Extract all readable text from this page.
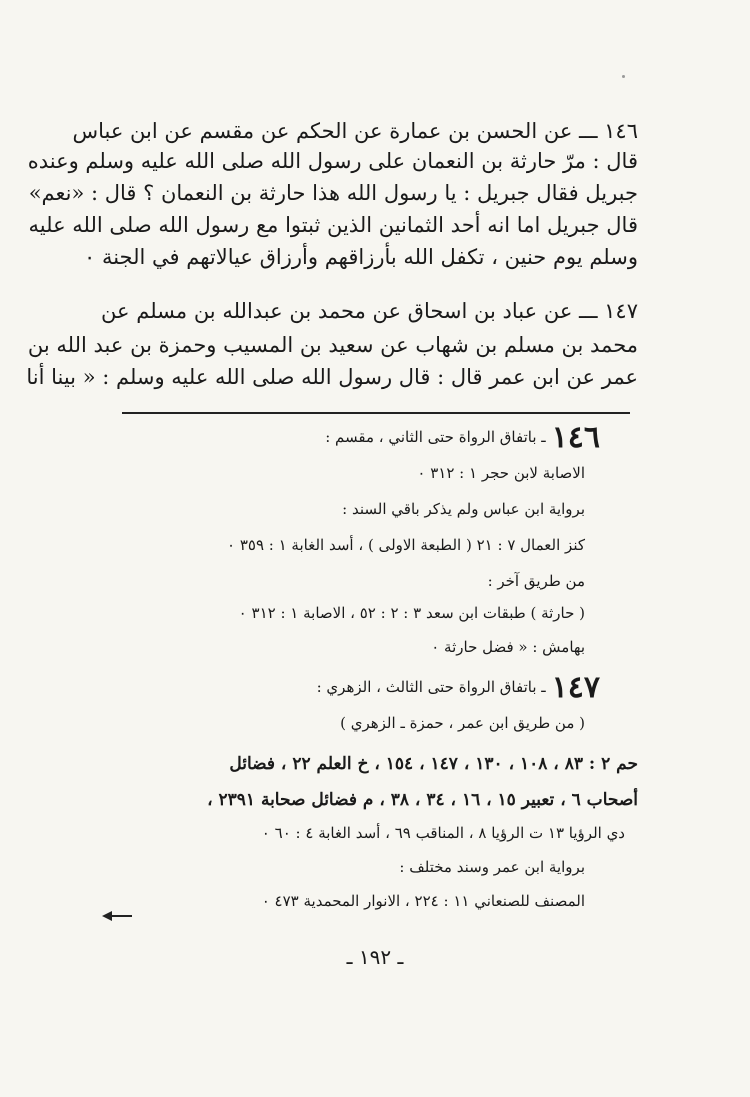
١٤٦ ـــ عن الحسن بن عمارة عن الحكم عن مقسم عن ابن عباس
قال : مرّ حارثة بن النعمان على رسول الله صلى الله عليه وسلم وعنده
جبريل فقال جبريل : يا رسول الله هذا حارثة بن النعمان ؟ قال : «نعم»
قال جبريل اما انه أحد الثمانين الذين ثبتوا مع رسول الله صلى الله عليه
وسلم يوم حنين ، تكفل الله بأرزاقهم وأرزاق عيالاتهم في الجنة ٠
١٤٧ ـــ عن عباد بن اسحاق عن محمد بن عبدالله بن مسلم عن
محمد بن مسلم بن شهاب عن سعيد بن المسيب وحمزة بن عبد الله بن
عمر عن ابن عمر قال : قال رسول الله صلى الله عليه وسلم : « بينا أنا
١٤٦ـ باتفاق الرواة حتى الثاني ، مقسم :
الاصابة لابن حجر ١ : ٣١٢ ٠
برواية ابن عباس ولم يذكر باقي السند :
كنز العمال ٧ : ٢١ ( الطبعة الاولى ) ، أسد الغابة ١ : ٣٥٩ ٠
من طريق آخر :
( حارثة ) طبقات ابن سعد ٣ : ٢ : ٥٢ ، الاصابة ١ : ٣١٢ ٠
بهامش : « فضل حارثة ٠
١٤٧ـ باتفاق الرواة حتى الثالث ، الزهري :
( من طريق ابن عمر ، حمزة ـ الزهري )
حم ٢ : ٨٣ ، ١٠٨ ، ١٣٠ ، ١٤٧ ، ١٥٤ ، خ العلم ٢٢ ، فضائل
أصحاب ٦ ، تعبير ١٥ ، ١٦ ، ٣٤ ، ٣٨ ، م فضائل صحابة ٢٣٩١ ،
دي الرؤيا ١٣ ت الرؤيا ٨ ، المناقب ٦٩ ، أسد الغابة ٤ : ٦٠ ٠
برواية ابن عمر وسند مختلف :
المصنف للصنعاني ١١ : ٢٢٤ ، الانوار المحمدية ٤٧٣ ٠
ـ ١٩٢ ـ
